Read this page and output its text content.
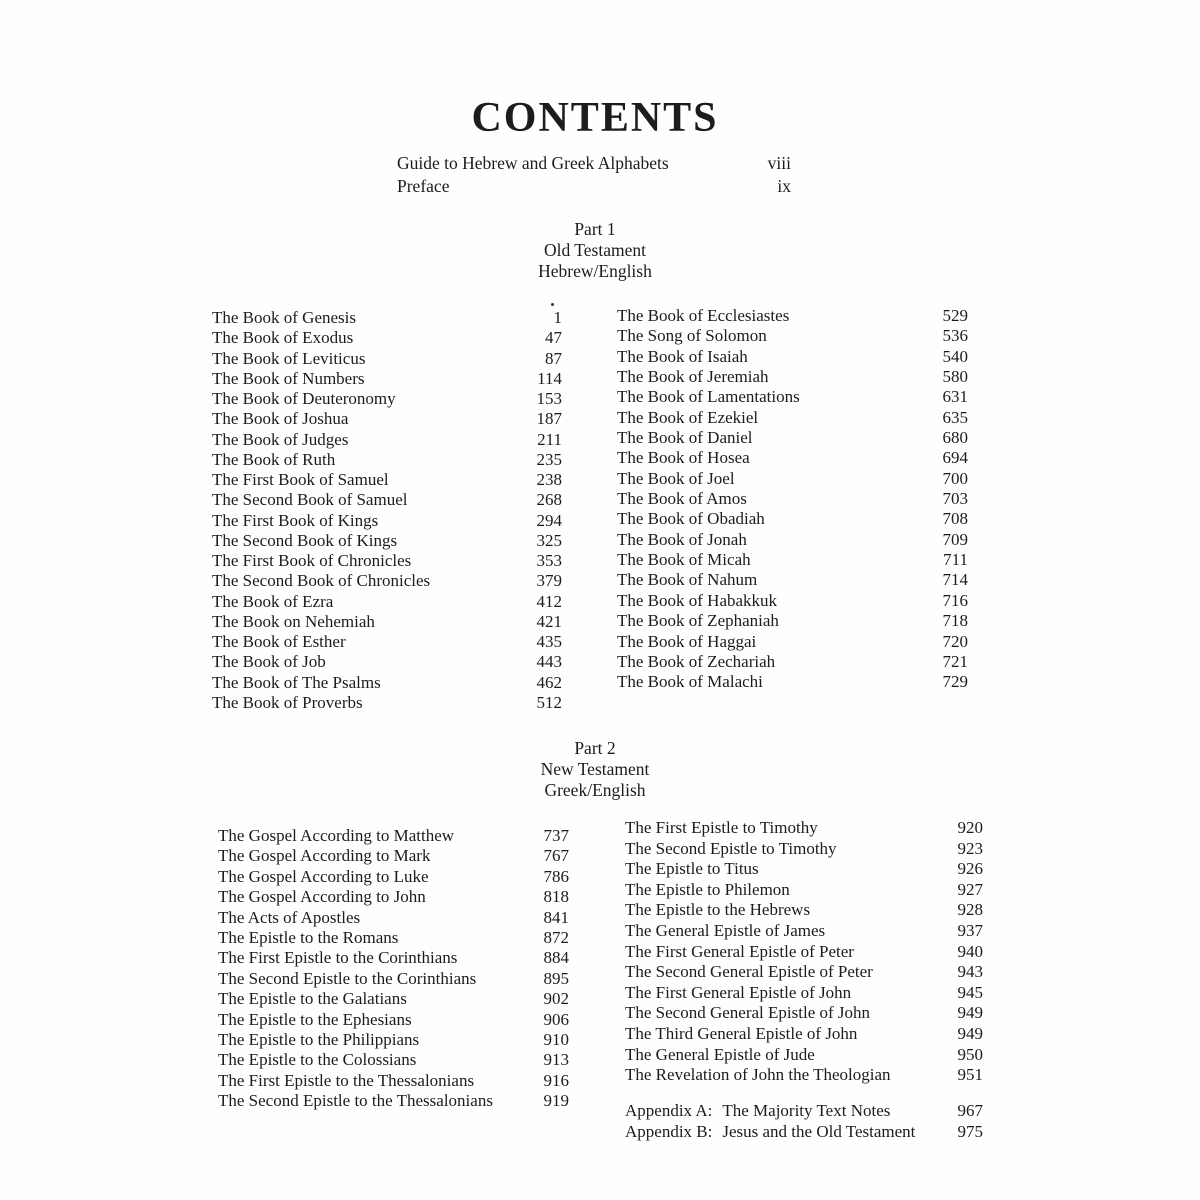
CONTENTS
Guide to Hebrew and Greek Alphabets	viii
Preface	ix
Part 1
Old Testament
Hebrew/English
The Book of Genesis	1
The Book of Exodus	47
The Book of Leviticus	87
The Book of Numbers	114
The Book of Deuteronomy	153
The Book of Joshua	187
The Book of Judges	211
The Book of Ruth	235
The First Book of Samuel	238
The Second Book of Samuel	268
The First Book of Kings	294
The Second Book of Kings	325
The First Book of Chronicles	353
The Second Book of Chronicles	379
The Book of Ezra	412
The Book on Nehemiah	421
The Book of Esther	435
The Book of Job	443
The Book of The Psalms	462
The Book of Proverbs	512
The Book of Ecclesiastes	529
The Song of Solomon	536
The Book of Isaiah	540
The Book of Jeremiah	580
The Book of Lamentations	631
The Book of Ezekiel	635
The Book of Daniel	680
The Book of Hosea	694
The Book of Joel	700
The Book of Amos	703
The Book of Obadiah	708
The Book of Jonah	709
The Book of Micah	711
The Book of Nahum	714
The Book of Habakkuk	716
The Book of Zephaniah	718
The Book of Haggai	720
The Book of Zechariah	721
The Book of Malachi	729
Part 2
New Testament
Greek/English
The Gospel According to Matthew	737
The Gospel According to Mark	767
The Gospel According to Luke	786
The Gospel According to John	818
The Acts of Apostles	841
The Epistle to the Romans	872
The First Epistle to the Corinthians	884
The Second Epistle to the Corinthians	895
The Epistle to the Galatians	902
The Epistle to the Ephesians	906
The Epistle to the Philippians	910
The Epistle to the Colossians	913
The First Epistle to the Thessalonians	916
The Second Epistle to the Thessalonians	919
The First Epistle to Timothy	920
The Second Epistle to Timothy	923
The Epistle to Titus	926
The Epistle to Philemon	927
The Epistle to the Hebrews	928
The General Epistle of James	937
The First General Epistle of Peter	940
The Second General Epistle of Peter	943
The First General Epistle of John	945
The Second General Epistle of John	949
The Third General Epistle of John	949
The General Epistle of Jude	950
The Revelation of John the Theologian	951
Appendix A: The Majority Text Notes	967
Appendix B: Jesus and the Old Testament	975
